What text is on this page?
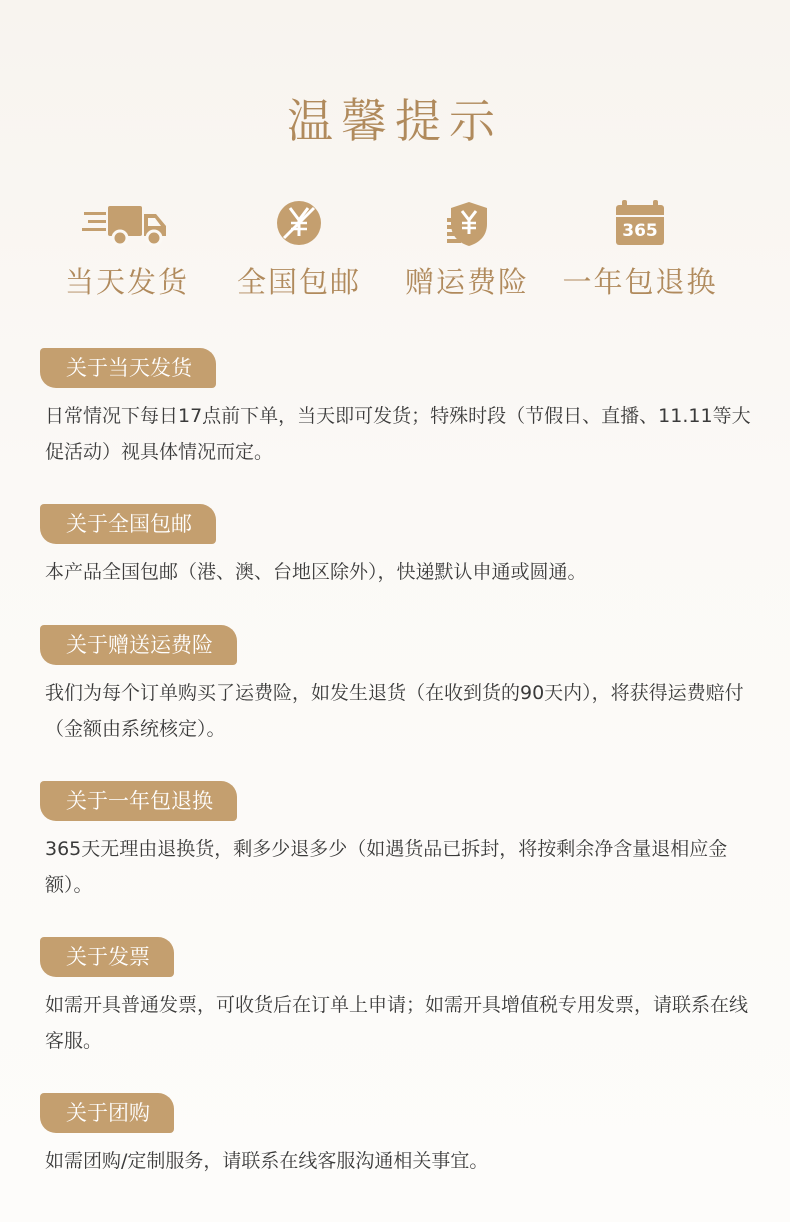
温馨提示
当天发货	全国包邮	赠运费险
365
一年包退换
关于当天发货

日常情况下每日17点前下单，当天即可发货；特殊时段（节假日、直播、11.11等大促活动）视具体情况而定。

关于全国包邮

本产品全国包邮（港、澳、台地区除外），快递默认申通或圆通。

关于赠送运费险

我们为每个订单购买了运费险，如发生退货（在收到货的90天内），将获得运费赔付（金额由系统核定）。

关于一年包退换

365天无理由退换货，剩多少退多少（如遇货品已拆封，将按剩余净含量退相应金额）。

关于发票

如需开具普通发票，可收货后在订单上申请；如需开具增值税专用发票，请联系在线客服。

关于团购

如需团购/定制服务，请联系在线客服沟通相关事宜。
